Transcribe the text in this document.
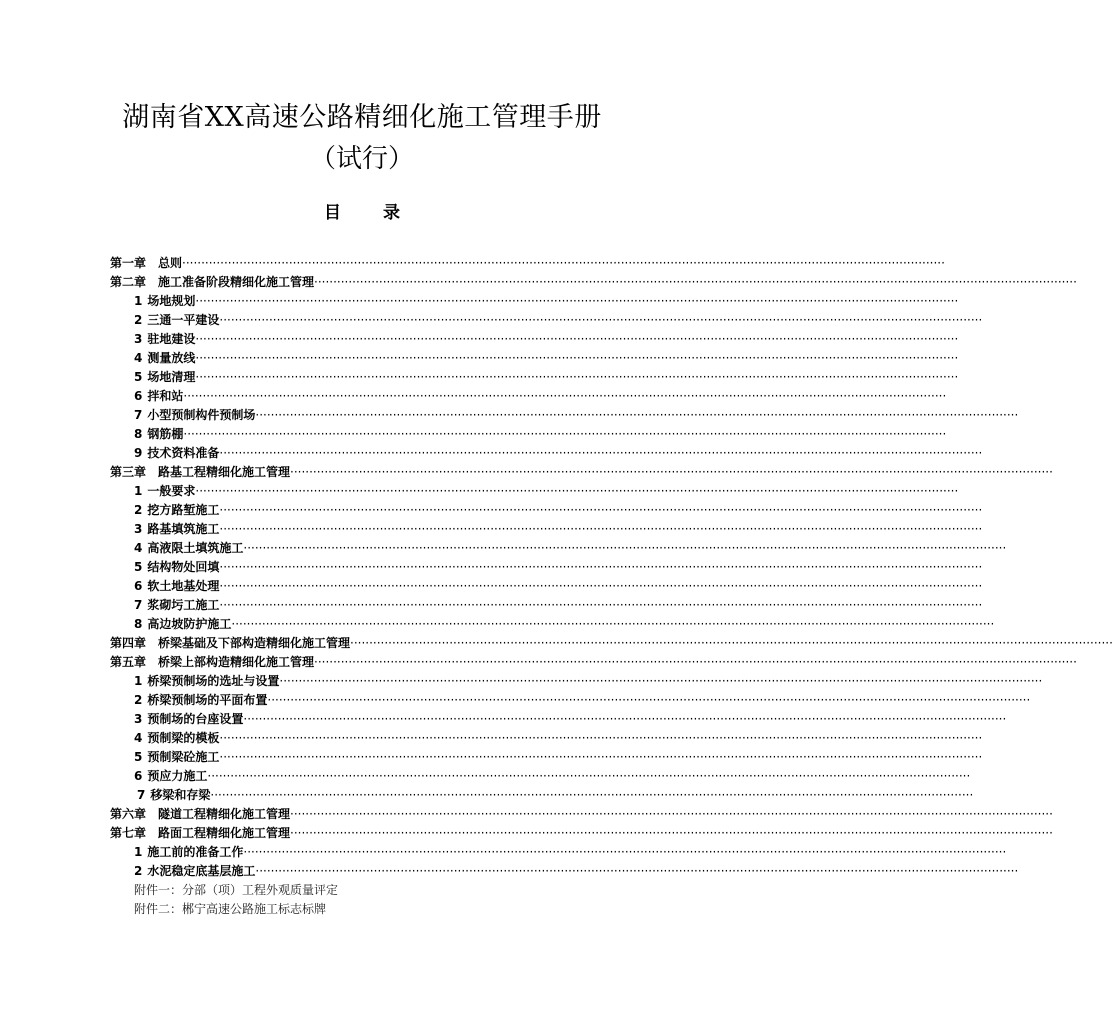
湖南省XX高速公路精细化施工管理手册
（试行）
目 录
第一章 总则 ········································································································································································································
第二章 施工准备阶段精细化施工管理 ········································································································································································································
1 场地规划 ········································································································································································································
2 三通一平建设 ········································································································································································································
3 驻地建设 ········································································································································································································
4 测量放线 ········································································································································································································
5 场地清理 ········································································································································································································
6 拌和站 ········································································································································································································
7 小型预制构件预制场 ········································································································································································································
8 钢筋棚 ········································································································································································································
9 技术资料准备 ········································································································································································································
第三章 路基工程精细化施工管理 ········································································································································································································
1 一般要求 ········································································································································································································
2 挖方路堑施工 ········································································································································································································
3 路基填筑施工 ········································································································································································································
4 高液限土填筑施工 ········································································································································································································
5 结构物处回填 ········································································································································································································
6 软土地基处理 ········································································································································································································
7 浆砌圬工施工 ········································································································································································································
8 高边坡防护施工 ········································································································································································································
第四章 桥梁基础及下部构造精细化施工管理 ········································································································································································································
第五章 桥梁上部构造精细化施工管理 ········································································································································································································
1 桥梁预制场的选址与设置 ········································································································································································································
2 桥梁预制场的平面布置 ········································································································································································································
3 预制场的台座设置 ········································································································································································································
4 预制梁的模板 ········································································································································································································
5 预制梁砼施工 ········································································································································································································
6 预应力施工 ········································································································································································································
7 移梁和存梁 ········································································································································································································
第六章 隧道工程精细化施工管理 ········································································································································································································
第七章 路面工程精细化施工管理 ········································································································································································································
1 施工前的准备工作 ········································································································································································································
2 水泥稳定底基层施工 ········································································································································································································
附件一：分部（项）工程外观质量评定
附件二：郴宁高速公路施工标志标牌
